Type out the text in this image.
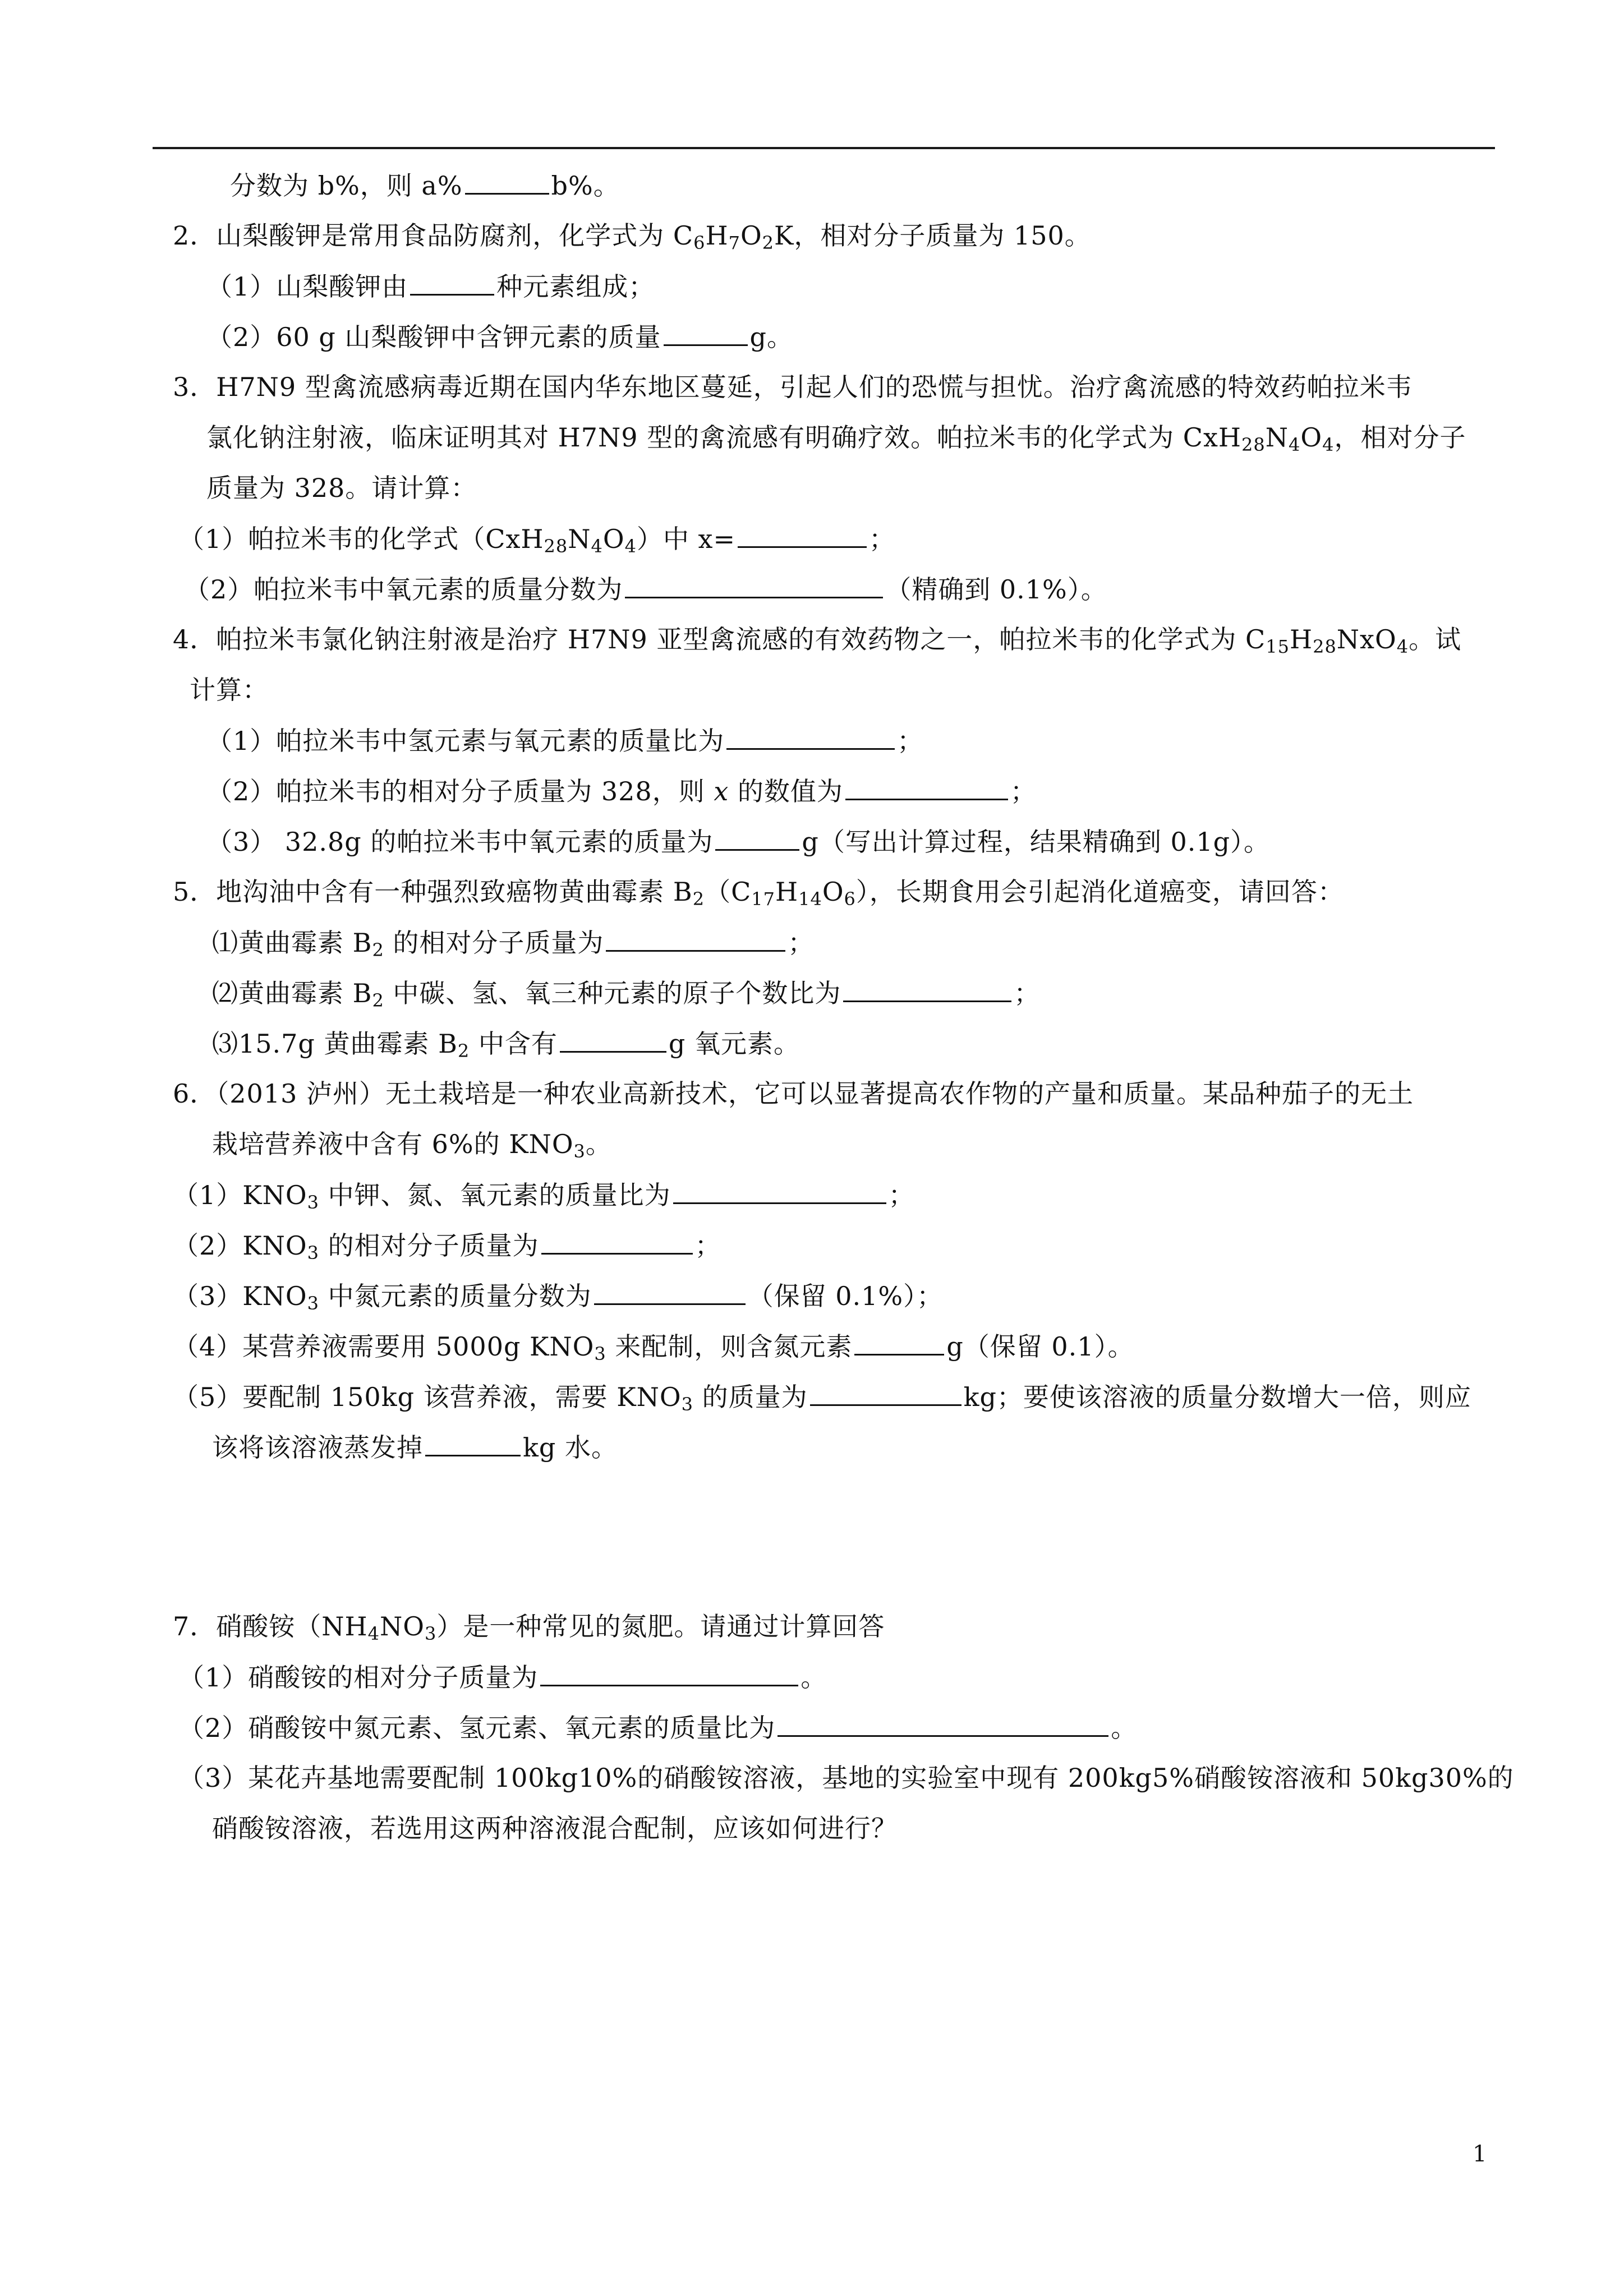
分数为 b%，则 a%	b%。
2．山梨酸钾是常用食品防腐剂，化学式为 $C_6H_7O_2K$，相对分子质量为 150。
（1）山梨酸钾由	种元素组成；
（2）60 g 山梨酸钾中含钾元素的质量	g。
3．H7N9 型禽流感病毒近期在国内华东地区蔓延，引起人们的恐慌与担忧。治疗禽流感的特效药帕拉米韦
氯化钠注射液，临床证明其对 H7N9 型的禽流感有明确疗效。帕拉米韦的化学式为 $CxH_{28}N_4O_4$，相对分子
质量为 328。请计算：
（1）帕拉米韦的化学式$(CxH_{28}N_4O_4)$中 x=	；
（2）帕拉米韦中氧元素的质量分数为	（精确到 0.1%）。
4．帕拉米韦氯化钠注射液是治疗 H7N9 亚型禽流感的有效药物之一，帕拉米韦的化学式为 $C_{15}H_{28}NxO_4$。试
计算：
（1）帕拉米韦中氢元素与氧元素的质量比为	；
（2）帕拉米韦的相对分子质量为 328，则 x 的数值为	；
（3） 32.8g 的帕拉米韦中氧元素的质量为	g（写出计算过程，结果精确到 0.1g）。
5．地沟油中含有一种强烈致癌物黄曲霉素 $B_2(C_{17}H_{14}O_6)$，长期食用会引起消化道癌变，请回答：
⑴黄曲霉素 $B_2$ 的相对分子质量为	；
⑵黄曲霉素 $B_2$ 中碳、氢、氧三种元素的原子个数比为	；
⑶15.7g 黄曲霉素 $B_2$ 中含有	g 氧元素。
6．（2013 泸州）无土栽培是一种农业高新技术，它可以显著提高农作物的产量和质量。某品种茄子的无土
栽培营养液中含有 6%的 $KNO_3$。
$(1)KNO_3$ 中钾、氮、氧元素的质量比为	；
$(2)KNO_3$ 的相对分子质量为	；
$(3)KNO_3$ 中氮元素的质量分数为	（保留 0.1%）；
（4）某营养液需要用 5000g $KNO_3$ 来配制，则含氮元素	g（保留 0.1）。
（5）要配制 150kg 该营养液，需要 $KNO_3$ 的质量为	kg；要使该溶液的质量分数增大一倍，则应
该将该溶液蒸发掉	kg 水。
7．硝酸铵$(NH_4NO_3)$是一种常见的氮肥。请通过计算回答
（1）硝酸铵的相对分子质量为	。
（2）硝酸铵中氮元素、氢元素、氧元素的质量比为	。
（3）某花卉基地需要配制 100kg10%的硝酸铵溶液，基地的实验室中现有 200kg5%硝酸铵溶液和 50kg30%的
硝酸铵溶液，若选用这两种溶液混合配制，应该如何进行？
1
